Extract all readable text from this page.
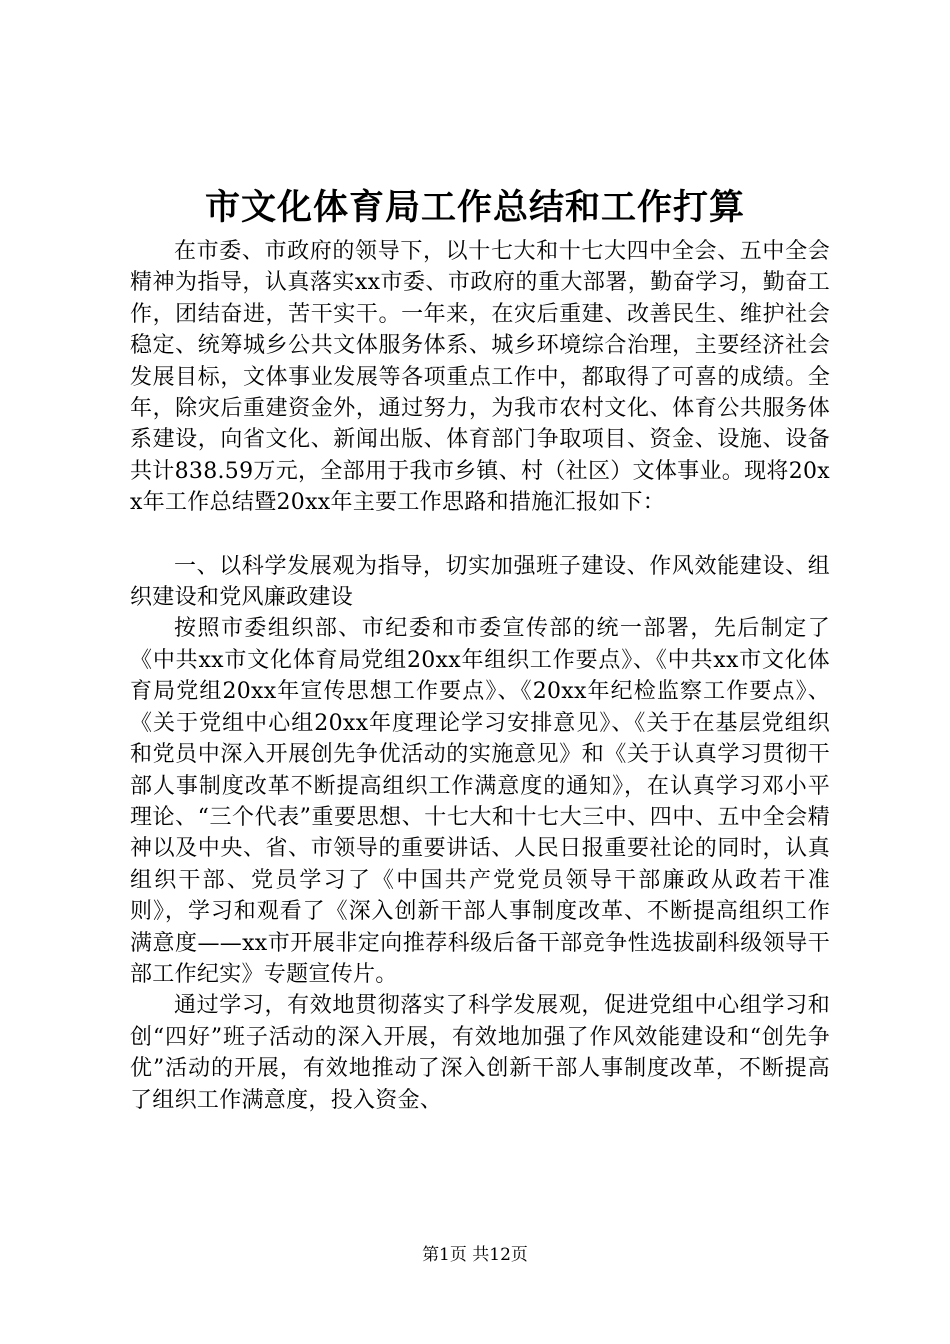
市文化体育局工作总结和工作打算

在市委、市政府的领导下，以十七大和十七大四中全会、五中全会精神为指导，认真落实xx市委、市政府的重大部署，勤奋学习，勤奋工作，团结奋进，苦干实干。一年来，在灾后重建、改善民生、维护社会稳定、统筹城乡公共文体服务体系、城乡环境综合治理，主要经济社会发展目标，文体事业发展等各项重点工作中，都取得了可喜的成绩。全年，除灾后重建资金外，通过努力，为我市农村文化、体育公共服务体系建设，向省文化、新闻出版、体育部门争取项目、资金、设施、设备共计838.59万元，全部用于我市乡镇、村（社区）文体事业。现将20xx年工作总结暨20xx年主要工作思路和措施汇报如下：

一、以科学发展观为指导，切实加强班子建设、作风效能建设、组织建设和党风廉政建设

按照市委组织部、市纪委和市委宣传部的统一部署，先后制定了《中共xx市文化体育局党组20xx年组织工作要点》、《中共xx市文化体育局党组20xx年宣传思想工作要点》、《20xx年纪检监察工作要点》、《关于党组中心组20xx年度理论学习安排意见》、《关于在基层党组织和党员中深入开展创先争优活动的实施意见》和《关于认真学习贯彻干部人事制度改革不断提高组织工作满意度的通知》，在认真学习邓小平理论、“三个代表”重要思想、十七大和十七大三中、四中、五中全会精神以及中央、省、市领导的重要讲话、人民日报重要社论的同时，认真组织干部、党员学习了《中国共产党党员领导干部廉政从政若干准则》，学习和观看了《深入创新干部人事制度改革、不断提高组织工作满意度——xx市开展非定向推荐科级后备干部竞争性选拔副科级领导干部工作纪实》专题宣传片。

通过学习，有效地贯彻落实了科学发展观，促进党组中心组学习和创“四好”班子活动的深入开展，有效地加强了作风效能建设和“创先争优”活动的开展，有效地推动了深入创新干部人事制度改革，不断提高了组织工作满意度，投入资金、

第1页 共12页
